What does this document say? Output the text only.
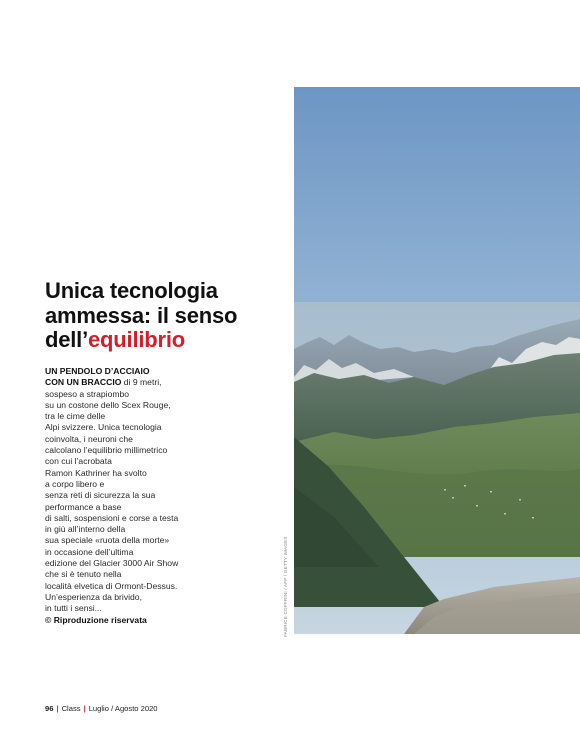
Unica tecnologia
ammessa: il senso
dell’equilibrio
UN PENDOLO D’ACCIAIO
CON UN BRACCIO di 9 metri,
sospeso a strapiombo
su un costone dello Scex Rouge,
tra le cime delle
Alpi svizzere. Unica tecnologia
coinvolta, i neuroni che
calcolano l’equilibrio millimetrico
con cui l’acrobata
Ramon Kathriner ha svolto
a corpo libero e
senza reti di sicurezza la sua
performance a base
di salti, sospensioni e corse a testa
in giù all’interno della
sua speciale «ruota della morte»
in occasione dell’ultima
edizione del Glacier 3000 Air Show
che si è tenuto nella
località elvetica di Ormont-Dessus.
Un’esperienza da brivido,
in tutti i sensi...
© Riproduzione riservata	FABRICE COFFRINI / AFP / GETTY IMAGES
96 | Class | Luglio / Agosto 2020
